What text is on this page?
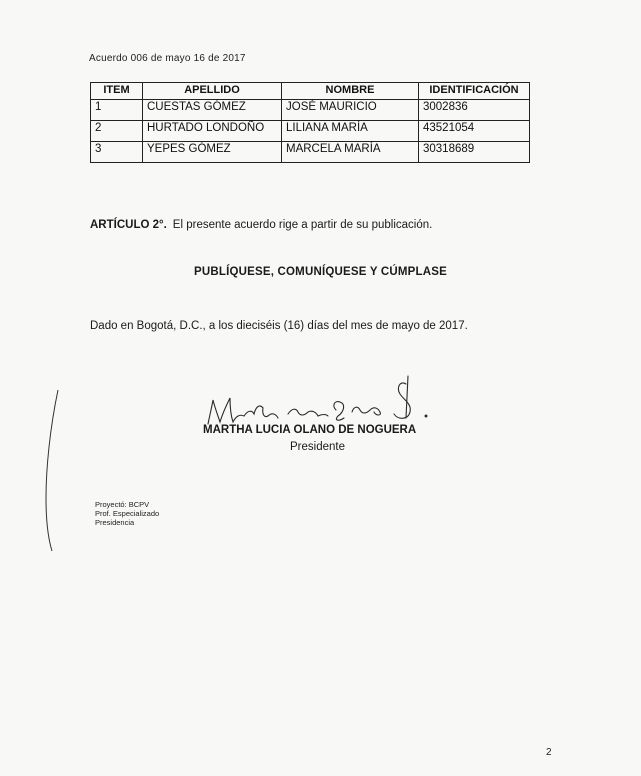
Acuerdo 006 de mayo 16 de 2017
ITEM	APELLIDO	NOMBRE	IDENTIFICACIÓN
1	CUESTAS GÓMEZ	JOSÉ MAURICIO	3002836
2	HURTADO LONDOÑO	LILIANA MARÍA	43521054
3	YEPES GÓMEZ	MARCELA MARÍA	30318689
ARTÍCULO 2°. El presente acuerdo rige a partir de su publicación.
PUBLÍQUESE, COMUNÍQUESE Y CÚMPLASE
Dado en Bogotá, D.C., a los dieciséis (16) días del mes de mayo de 2017.
MARTHA LUCIA OLANO DE NOGUERA
Presidente
Proyectó: BCPV
Prof. Especializado
Presidencia
2
